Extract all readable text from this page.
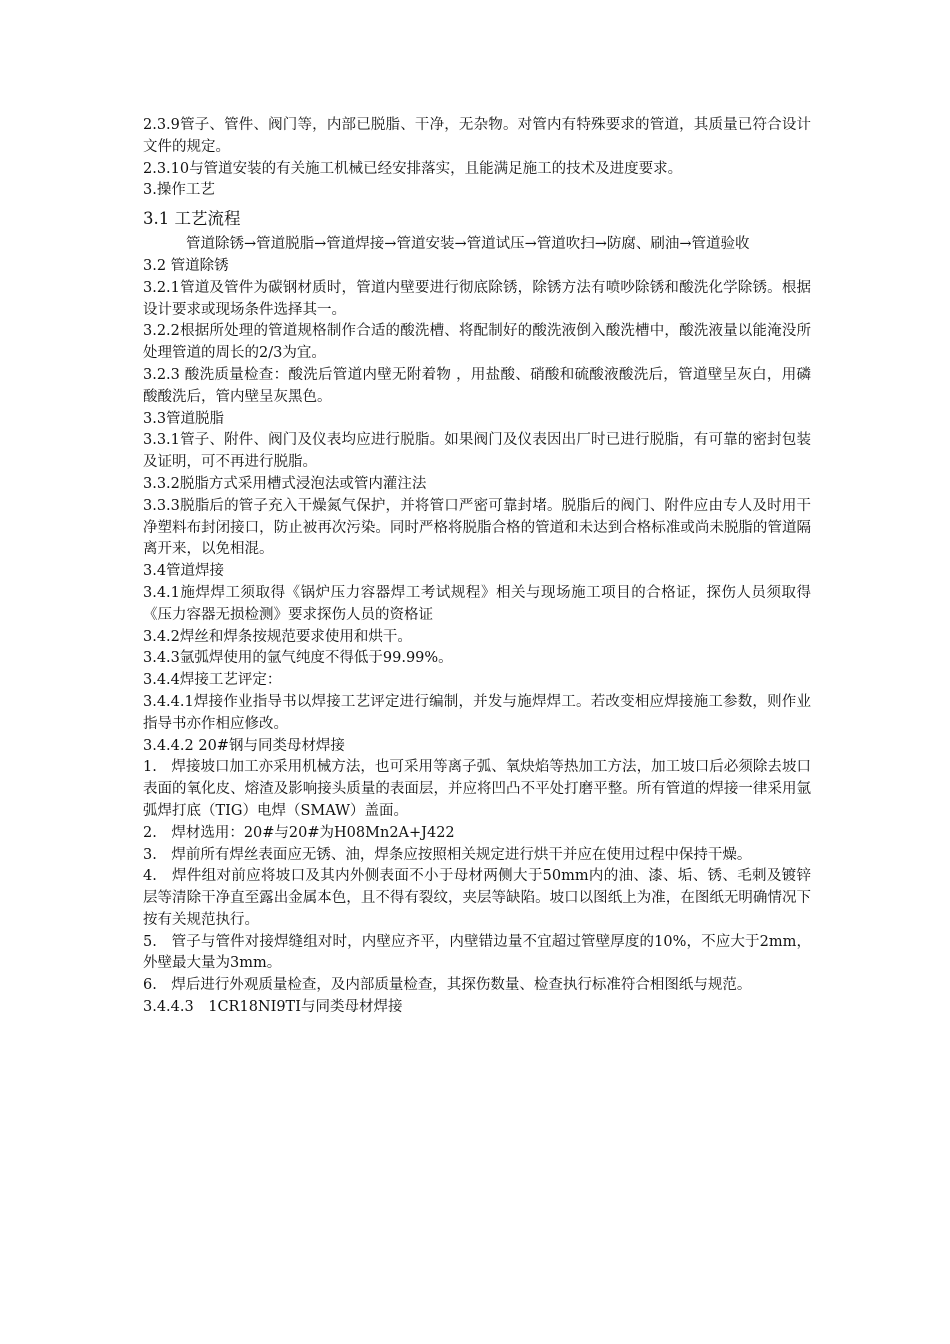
2.3.9管子、管件、阀门等，内部已脱脂、干净，无杂物。对管内有特殊要求的管道，其质量已符合设计文件的规定。

2.3.10与管道安装的有关施工机械已经安排落实，且能满足施工的技术及进度要求。

3.操作工艺

3.1 工艺流程

管道除锈→管道脱脂→管道焊接→管道安装→管道试压→管道吹扫→防腐、刷油→管道验收

3.2 管道除锈

3.2.1管道及管件为碳钢材质时，管道内壁要进行彻底除锈，除锈方法有喷吵除锈和酸洗化学除锈。根据设计要求或现场条件选择其一。

3.2.2根据所处理的管道规格制作合适的酸洗槽、将配制好的酸洗液倒入酸洗槽中，酸洗液量以能淹没所处理管道的周长的2/3为宜。

3.2.3 酸洗质量检查：酸洗后管道内壁无附着物 ，用盐酸、硝酸和硫酸液酸洗后，管道壁呈灰白，用磷酸酸洗后，管内壁呈灰黑色。

3.3管道脱脂

3.3.1管子、附件、阀门及仪表均应进行脱脂。如果阀门及仪表因出厂时已进行脱脂，有可靠的密封包装及证明，可不再进行脱脂。

3.3.2脱脂方式采用槽式浸泡法或管内灌注法

3.3.3脱脂后的管子充入干燥氮气保护，并将管口严密可靠封堵。脱脂后的阀门、附件应由专人及时用干净塑料布封闭接口，防止被再次污染。同时严格将脱脂合格的管道和未达到合格标准或尚未脱脂的管道隔离开来，以免相混。

3.4管道焊接

3.4.1施焊焊工须取得《锅炉压力容器焊工考试规程》相关与现场施工项目的合格证，探伤人员须取得《压力容器无损检测》要求探伤人员的资格证

3.4.2焊丝和焊条按规范要求使用和烘干。

3.4.3氩弧焊使用的氩气纯度不得低于99.99%。

3.4.4焊接工艺评定：

3.4.4.1焊接作业指导书以焊接工艺评定进行编制，并发与施焊焊工。若改变相应焊接施工参数，则作业指导书亦作相应修改。

3.4.4.2 20#钢与同类母材焊接

1.　焊接坡口加工亦采用机械方法，也可采用等离子弧、氧炔焰等热加工方法，加工坡口后必须除去坡口表面的氧化皮、熔渣及影响接头质量的表面层，并应将凹凸不平处打磨平整。所有管道的焊接一律采用氩弧焊打底（TIG）电焊（SMAW）盖面。

2.　焊材选用：20#与20#为H08Mn2A+J422

3.　焊前所有焊丝表面应无锈、油，焊条应按照相关规定进行烘干并应在使用过程中保持干燥。

4.　焊件组对前应将坡口及其内外侧表面不小于母材两侧大于50mm内的油、漆、垢、锈、毛刺及镀锌层等清除干净直至露出金属本色，且不得有裂纹，夹层等缺陷。坡口以图纸上为准，在图纸无明确情况下按有关规范执行。

5.　管子与管件对接焊缝组对时，内壁应齐平，内壁错边量不宜超过管壁厚度的10%，不应大于2mm，外壁最大量为3mm。

6.　焊后进行外观质量检查，及内部质量检查，其探伤数量、检查执行标准符合相图纸与规范。

3.4.4.3　1CR18NI9TI与同类母材焊接
